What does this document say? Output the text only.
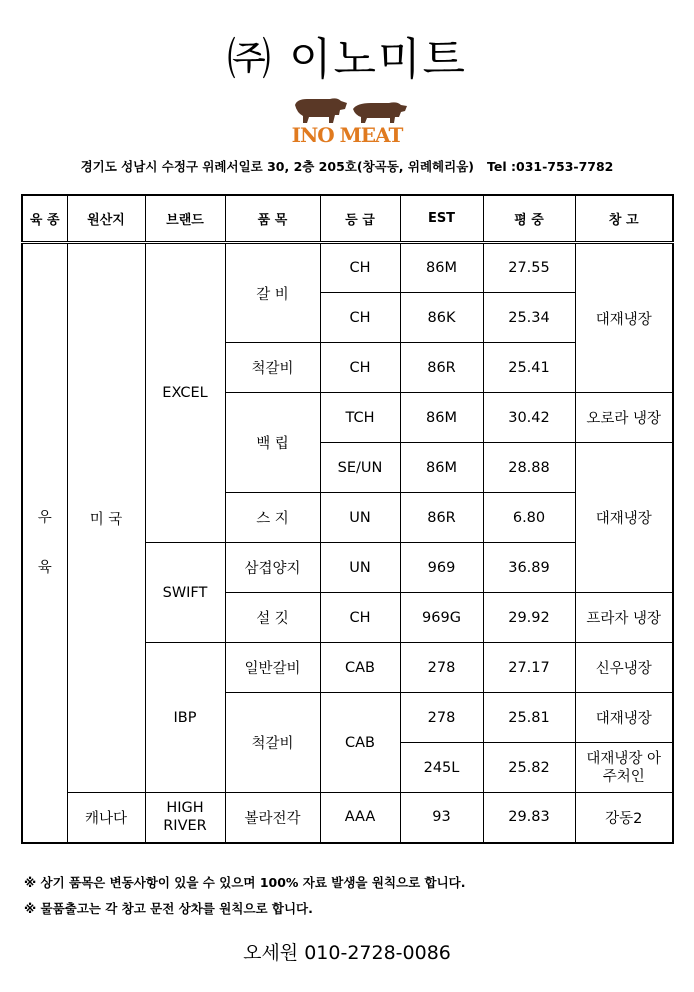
㈜ 이노미트
INO MEAT
경기도 성남시 수정구 위례서일로 30, 2층 205호(창곡동, 위례헤리움)   Tel :031-753-7782
육 종	원산지	브랜드	품 목	등 급	EST	평 중	창 고
우 육	미 국	EXCEL	갈 비	CH	86M	27.55	대재냉장
				CH	86K	25.34	
			척갈비	CH	86R	25.41	
			백 립	TCH	86M	30.42	오로라 냉장
				SE/UN	86M	28.88	대재냉장
			스 지	UN	86R	6.80	
		SWIFT	삼겹양지	UN	969	36.89	
			설 깃	CH	969G	29.92	프라자 냉장
		IBP	일반갈비	CAB	278	27.17	신우냉장
			척갈비	CAB	278	25.81	대재냉장
					245L	25.82	대재냉장 아주처인
	캐나다	HIGH RIVER	볼라전각	AAA	93	29.83	강동2
※ 상기 품목은 변동사항이 있을 수 있으며 100% 자료 발생을 원칙으로 합니다.
※ 물품출고는 각 창고 문전 상차를 원칙으로 합니다.
오세원 010-2728-0086
